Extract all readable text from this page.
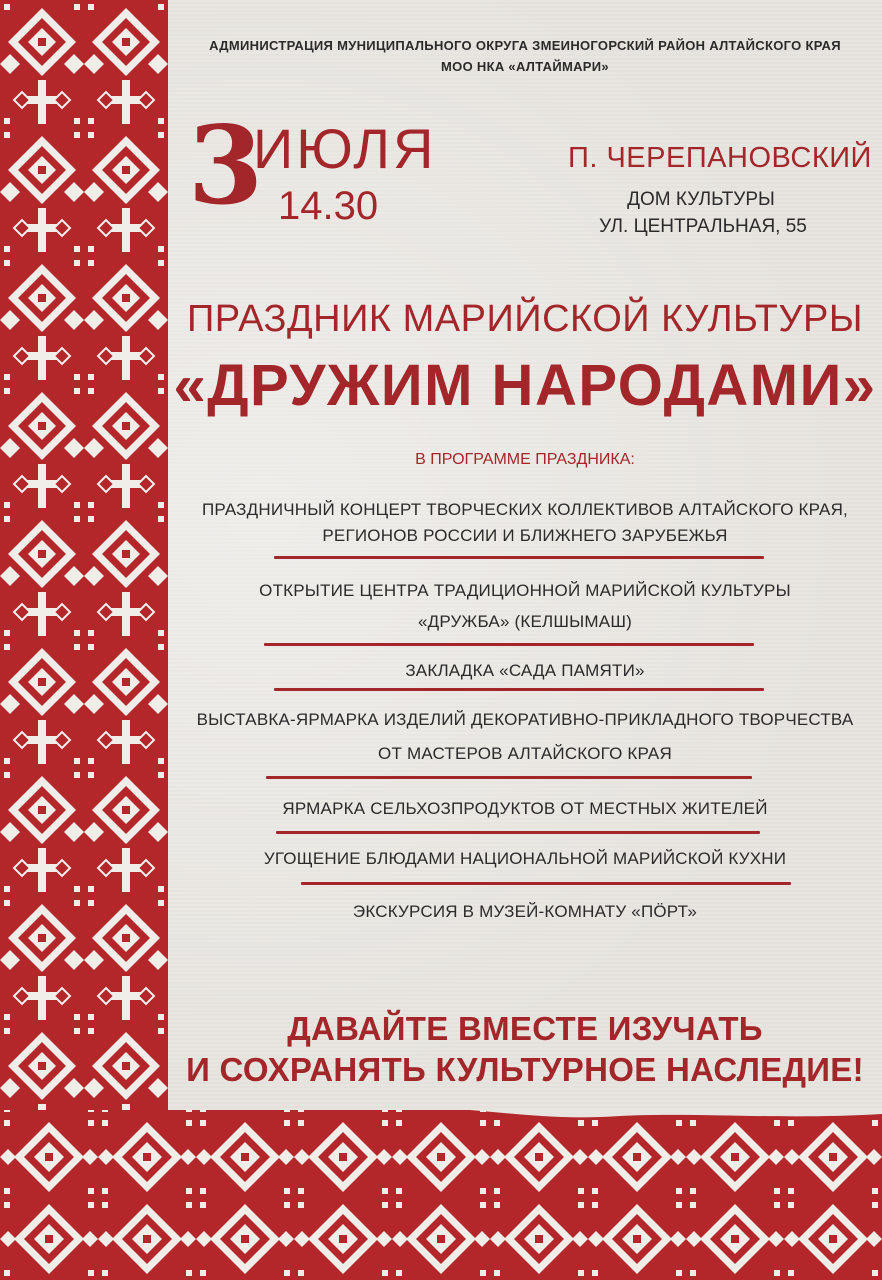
АДМИНИСТРАЦИЯ МУНИЦИПАЛЬНОГО ОКРУГА ЗМЕИНОГОРСКИЙ РАЙОН АЛТАЙСКОГО КРАЯ
МОО НКА «АЛТАЙМАРИ»
3
ИЮЛЯ
14.30
П. ЧЕРЕПАНОВСКИЙ
ДОМ КУЛЬТУРЫ
УЛ. ЦЕНТРАЛЬНАЯ, 55
ПРАЗДНИК МАРИЙСКОЙ КУЛЬТУРЫ
«ДРУЖИМ НАРОДАМИ»
В ПРОГРАММЕ ПРАЗДНИКА:
ПРАЗДНИЧНЫЙ КОНЦЕРТ ТВОРЧЕСКИХ КОЛЛЕКТИВОВ АЛТАЙСКОГО КРАЯ,
РЕГИОНОВ РОССИИ И БЛИЖНЕГО ЗАРУБЕЖЬЯ
ОТКРЫТИЕ ЦЕНТРА ТРАДИЦИОННОЙ МАРИЙСКОЙ КУЛЬТУРЫ
«ДРУЖБА» (КЕЛШЫМАШ)
ЗАКЛАДКА «САДА ПАМЯТИ»
ВЫСТАВКА-ЯРМАРКА ИЗДЕЛИЙ ДЕКОРАТИВНО-ПРИКЛАДНОГО ТВОРЧЕСТВА
ОТ МАСТЕРОВ АЛТАЙСКОГО КРАЯ
ЯРМАРКА СЕЛЬХОЗПРОДУКТОВ ОТ МЕСТНЫХ ЖИТЕЛЕЙ
УГОЩЕНИЕ БЛЮДАМИ НАЦИОНАЛЬНОЙ МАРИЙСКОЙ КУХНИ
ЭКСКУРСИЯ В МУЗЕЙ-КОМНАТУ «ПӦРТ»
ДАВАЙТЕ ВМЕСТЕ ИЗУЧАТЬ
И СОХРАНЯТЬ КУЛЬТУРНОЕ НАСЛЕДИЕ!
